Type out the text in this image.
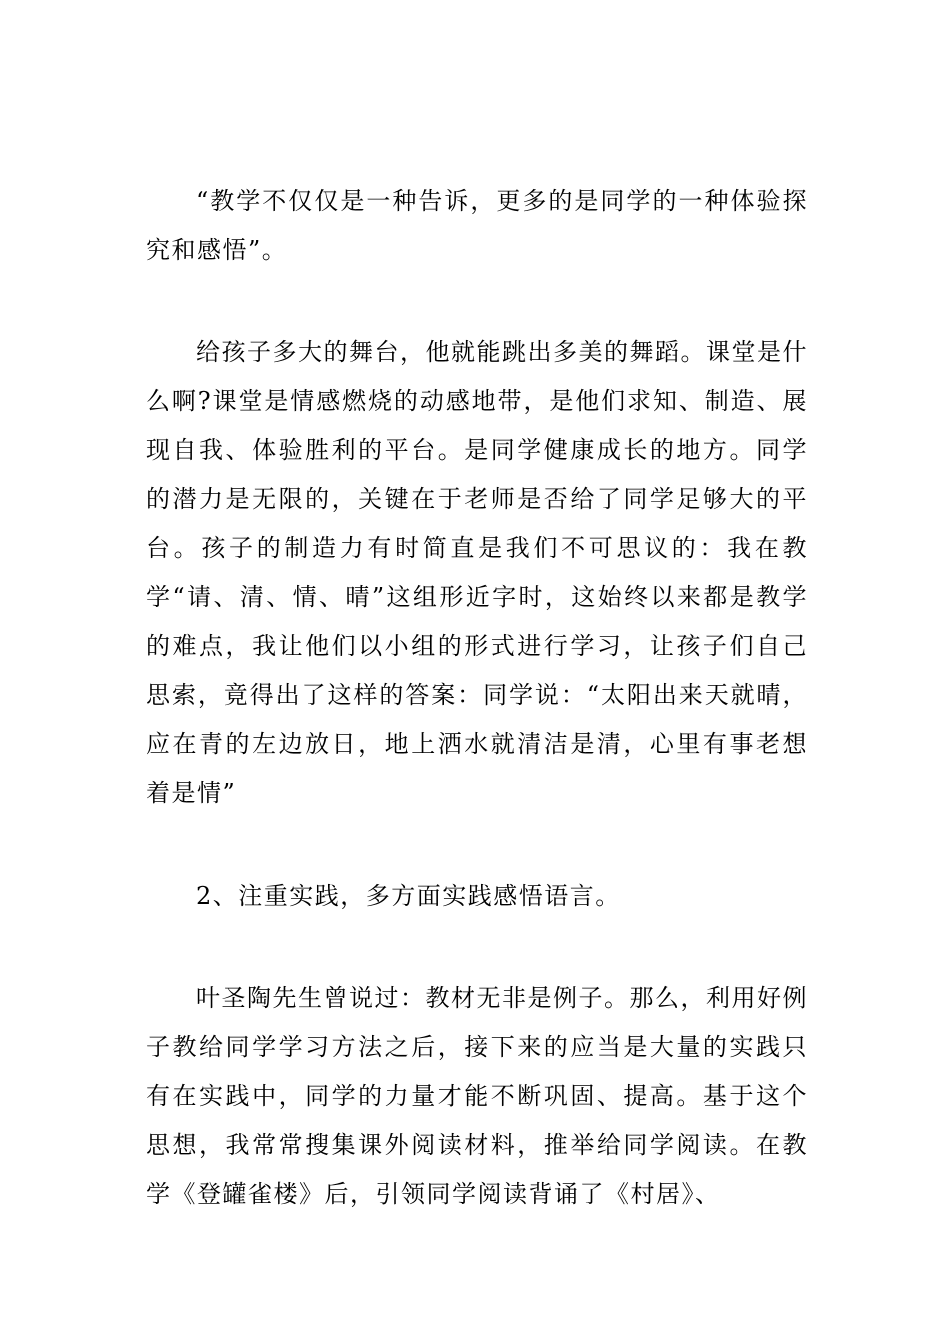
“教学不仅仅是一种告诉，更多的是同学的一种体验探究和感悟”。

给孩子多大的舞台，他就能跳出多美的舞蹈。课堂是什么啊?课堂是情感燃烧的动感地带，是他们求知、制造、展现自我、体验胜利的平台。是同学健康成长的地方。同学的潜力是无限的，关键在于老师是否给了同学足够大的平台。孩子的制造力有时简直是我们不可思议的：我在教学“请、清、情、晴”这组形近字时，这始终以来都是教学的难点，我让他们以小组的形式进行学习，让孩子们自己思索，竟得出了这样的答案：同学说：“太阳出来天就晴，应在青的左边放日，地上洒水就清洁是清，心里有事老想着是情”

2、注重实践，多方面实践感悟语言。

叶圣陶先生曾说过：教材无非是例子。那么，利用好例子教给同学学习方法之后，接下来的应当是大量的实践只有在实践中，同学的力量才能不断巩固、提高。基于这个思想，我常常搜集课外阅读材料，推举给同学阅读。在教学《登罐雀楼》后，引领同学阅读背诵了《村居》、
